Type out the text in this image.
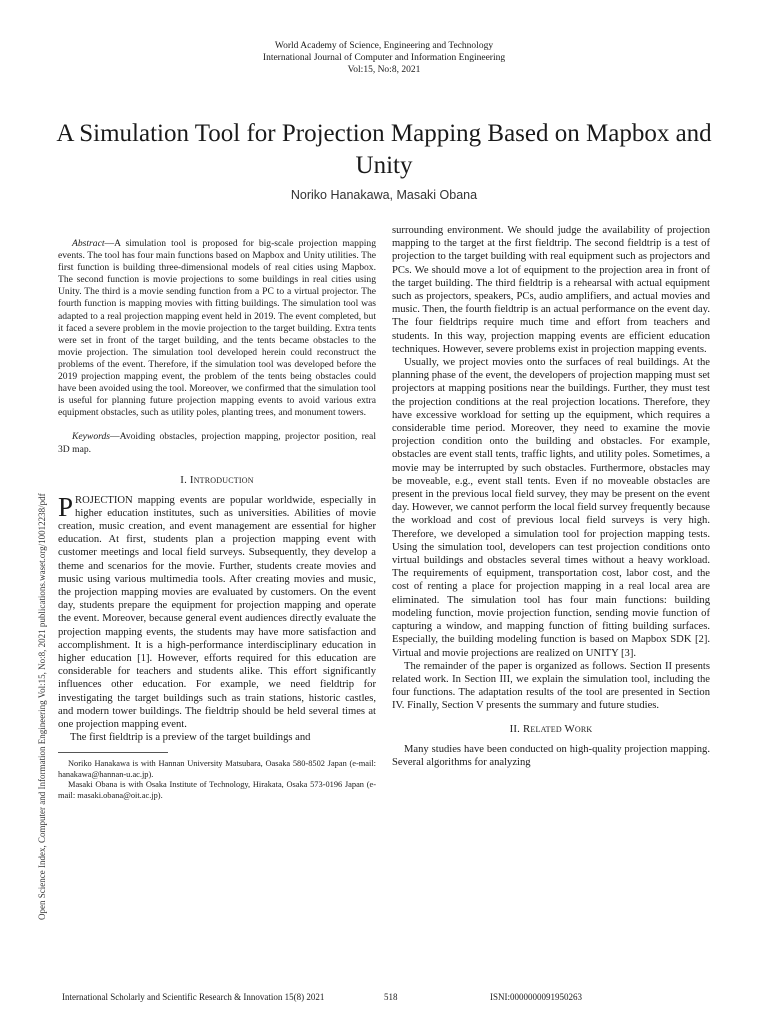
World Academy of Science, Engineering and Technology
International Journal of Computer and Information Engineering
Vol:15, No:8, 2021
A Simulation Tool for Projection Mapping Based on Mapbox and Unity
Noriko Hanakawa, Masaki Obana
Open Science Index, Computer and Information Engineering Vol:15, No:8, 2021 publications.waset.org/10012238/pdf

Abstract—A simulation tool is proposed for big-scale projection mapping events. The tool has four main functions based on Mapbox and Unity utilities. The first function is building three-dimensional models of real cities using Mapbox. The second function is movie projections to some buildings in real cities using Unity. The third is a movie sending function from a PC to a virtual projector. The fourth function is mapping movies with fitting buildings. The simulation tool was adapted to a real projection mapping event held in 2019. The event completed, but it faced a severe problem in the movie projection to the target building. Extra tents were set in front of the target building, and the tents became obstacles to the movie projection. The simulation tool developed herein could reconstruct the problems of the event. Therefore, if the simulation tool was developed before the 2019 projection mapping event, the problem of the tents being obstacles could have been avoided using the tool. Moreover, we confirmed that the simulation tool is useful for planning future projection mapping events to avoid various extra equipment obstacles, such as utility poles, planting trees, and monument towers.

Keywords—Avoiding obstacles, projection mapping, projector position, real 3D map.

I. Introduction

PROJECTION mapping events are popular worldwide, especially in higher education institutes, such as universities. Abilities of movie creation, music creation, and event management are essential for higher education. At first, students plan a projection mapping event with customer meetings and local field surveys. Subsequently, they develop a theme and scenarios for the movie. Further, students create movies and music using various multimedia tools. After creating movies and music, the projection mapping movies are evaluated by customers. On the event day, students prepare the equipment for projection mapping and operate the event. Moreover, because general event audiences directly evaluate the projection mapping events, the students may have more satisfaction and accomplishment. It is a high-performance interdisciplinary education in higher education [1]. However, efforts required for this education are considerable for teachers and students alike. This effort significantly influences other education. For example, we need fieldtrip for investigating the target buildings such as train stations, historic castles, and modern tower buildings. The fieldtrip should be held several times at one projection mapping event.

The first fieldtrip is a preview of the target buildings and

Noriko Hanakawa is with Hannan University Matsubara, Oasaka 580-8502 Japan (e-mail: hanakawa@hannan-u.ac.jp).

Masaki Obana is with Osaka Institute of Technology, Hirakata, Osaka 573-0196 Japan (e-mail: masaki.obana@oit.ac.jp).

surrounding environment. We should judge the availability of projection mapping to the target at the first fieldtrip. The second fieldtrip is a test of projection to the target building with real equipment such as projectors and PCs. We should move a lot of equipment to the projection area in front of the target building. The third fieldtrip is a rehearsal with actual equipment such as projectors, speakers, PCs, audio amplifiers, and actual movies and music. Then, the fourth fieldtrip is an actual performance on the event day. The four fieldtrips require much time and effort from teachers and students. In this way, projection mapping events are efficient education techniques. However, severe problems exist in projection mapping events.

Usually, we project movies onto the surfaces of real buildings. At the planning phase of the event, the developers of projection mapping must set projectors at mapping positions near the buildings. Further, they must test the projection conditions at the real projection locations. Therefore, they have excessive workload for setting up the equipment, which requires a considerable time period. Moreover, they need to examine the movie projection condition onto the building and obstacles. For example, obstacles are event stall tents, traffic lights, and utility poles. Sometimes, a movie may be interrupted by such obstacles. Furthermore, obstacles may be moveable, e.g., event stall tents. Even if no moveable obstacles are present in the previous local field survey, they may be present on the event day. However, we cannot perform the local field survey frequently because the workload and cost of previous local field surveys is very high. Therefore, we developed a simulation tool for projection mapping tests. Using the simulation tool, developers can test projection conditions onto virtual buildings and obstacles several times without a heavy workload. The requirements of equipment, transportation cost, labor cost, and the cost of renting a place for projection mapping in a real local area are eliminated. The simulation tool has four main functions: building modeling function, movie projection function, sending movie function of capturing a window, and mapping function of fitting building surfaces. Especially, the building modeling function is based on Mapbox SDK [2]. Virtual and movie projections are realized on UNITY [3].

The remainder of the paper is organized as follows. Section II presents related work. In Section III, we explain the simulation tool, including the four functions. The adaptation results of the tool are presented in Section IV. Finally, Section V presents the summary and future studies.

II. Related Work

Many studies have been conducted on high-quality projection mapping. Several algorithms for analyzing

International Scholarly and Scientific Research & Innovation 15(8) 2021	518	ISNI:0000000091950263
